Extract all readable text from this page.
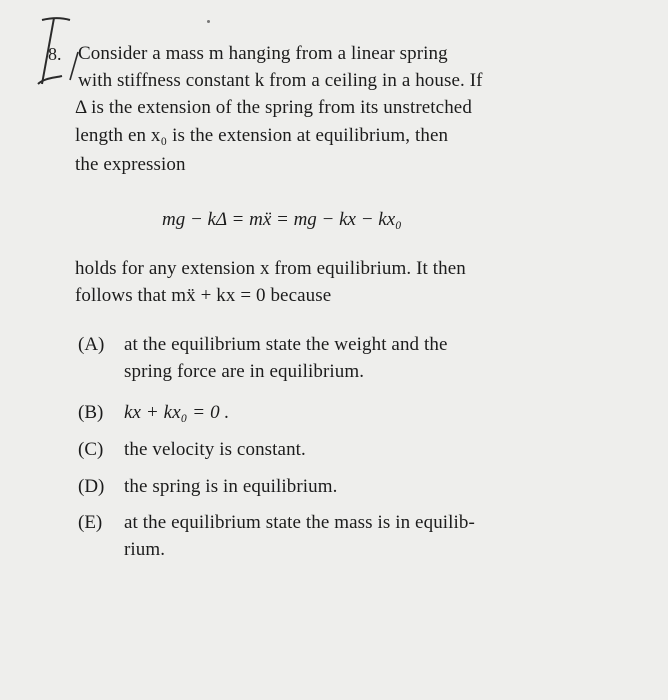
8. Consider a mass m hanging from a linear spring
with stiffness constant k from a ceiling in a house. If
Δ is the extension of the spring from its unstretched
length en x₀ is the extension at equilibrium, then
the expression
mg − kΔ = mẍ = mg − kx − kx₀
holds for any extension x from equilibrium. It then
follows that mẍ + kx = 0 because
(A) at the equilibrium state the weight and the
spring force are in equilibrium.
(B) kx + kx₀ = 0 .
(C) the velocity is constant.
(D) the spring is in equilibrium.
(E) at the equilibrium state the mass is in equilib-
rium.
